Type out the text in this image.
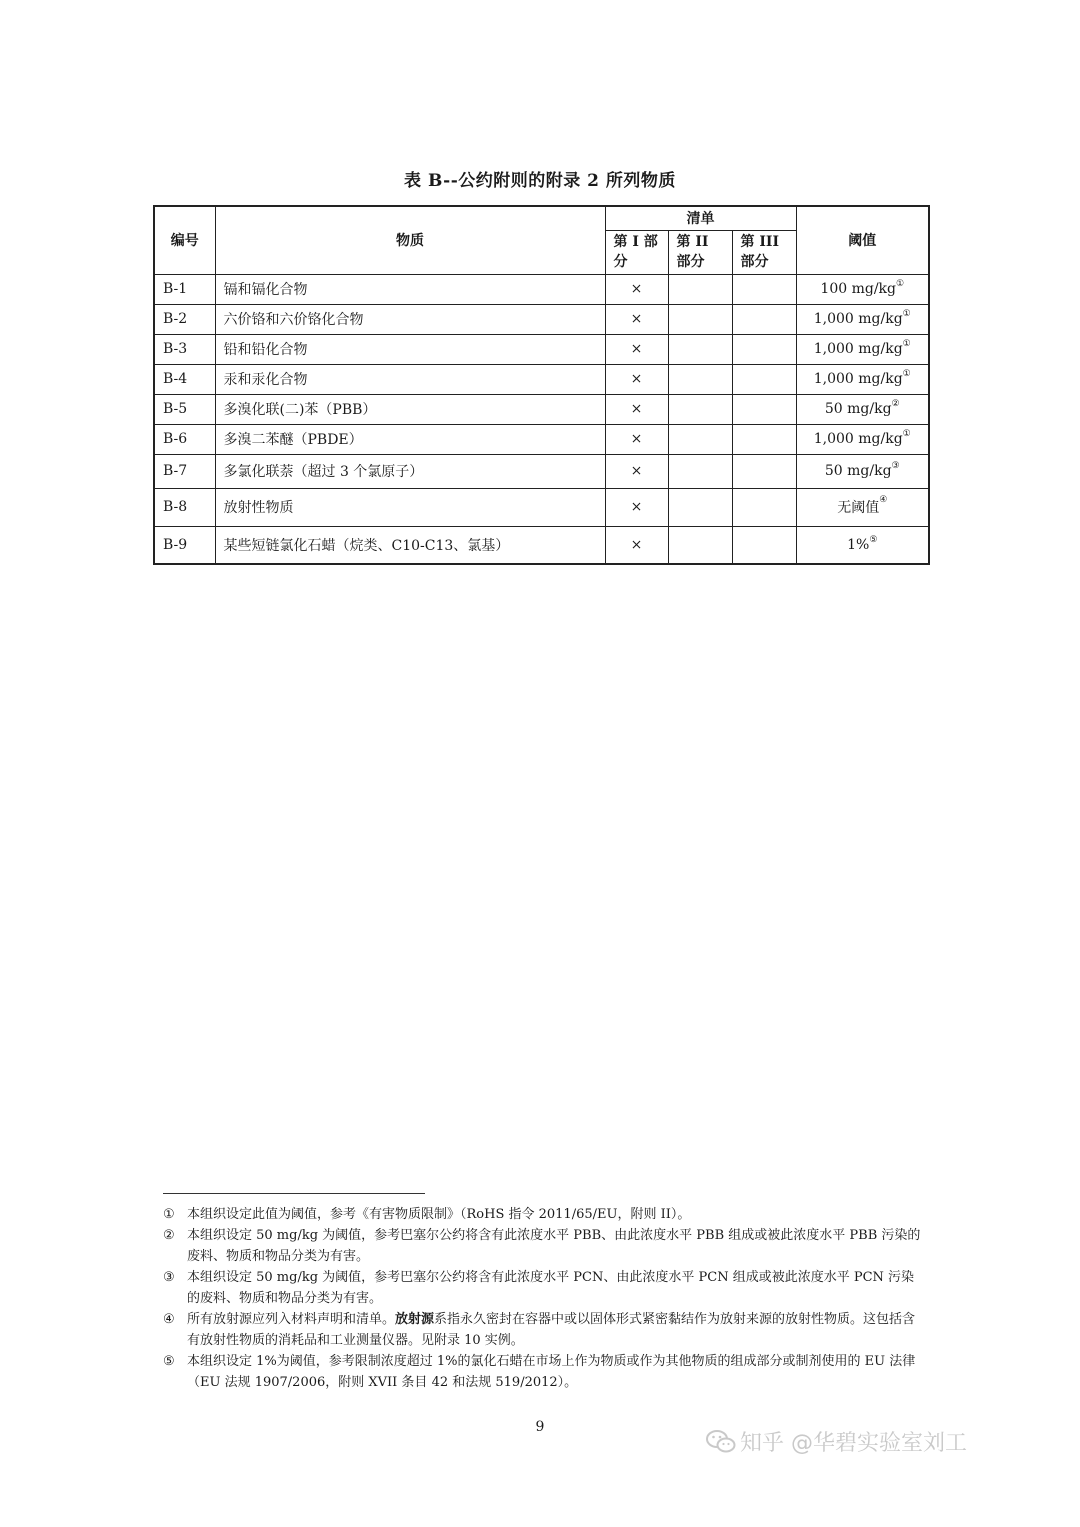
表 B--公约附则的附录 2 所列物质
编号	物质	清单			阈值
		第 I 部分	第 II 部分	第 III 部分	
B-1	镉和镉化合物	×			100 mg/kg①
B-2	六价铬和六价铬化合物	×			1,000 mg/kg①
B-3	铅和铅化合物	×			1,000 mg/kg①
B-4	汞和汞化合物	×			1,000 mg/kg①
B-5	多溴化联(二)苯（PBB）	×			50 mg/kg②
B-6	多溴二苯醚（PBDE）	×			1,000 mg/kg①
B-7	多氯化联萘（超过 3 个氯原子）	×			50 mg/kg③
B-8	放射性物质	×			无阈值④
B-9	某些短链氯化石蜡（烷类、C10-C13、氯基）	×			1%⑤
① 本组织设定此值为阈值，参考《有害物质限制》（RoHS 指令 2011/65/EU，附则 II）。
② 本组织设定 50 mg/kg 为阈值，参考巴塞尔公约将含有此浓度水平 PBB、由此浓度水平 PBB 组成或被此浓度水平 PBB 污染的废料、物质和物品分类为有害。
③ 本组织设定 50 mg/kg 为阈值，参考巴塞尔公约将含有此浓度水平 PCN、由此浓度水平 PCN 组成或被此浓度水平 PCN 污染的废料、物质和物品分类为有害。
④ 所有放射源应列入材料声明和清单。放射源系指永久密封在容器中或以固体形式紧密黏结作为放射来源的放射性物质。这包括含有放射性物质的消耗品和工业测量仪器。见附录 10 实例。
⑤ 本组织设定 1%为阈值，参考限制浓度超过 1%的氯化石蜡在市场上作为物质或作为其他物质的组成部分或制剂使用的 EU 法律（EU 法规 1907/2006，附则 XVII 条目 42 和法规 519/2012）。
9
知乎 @华碧实验室刘工
